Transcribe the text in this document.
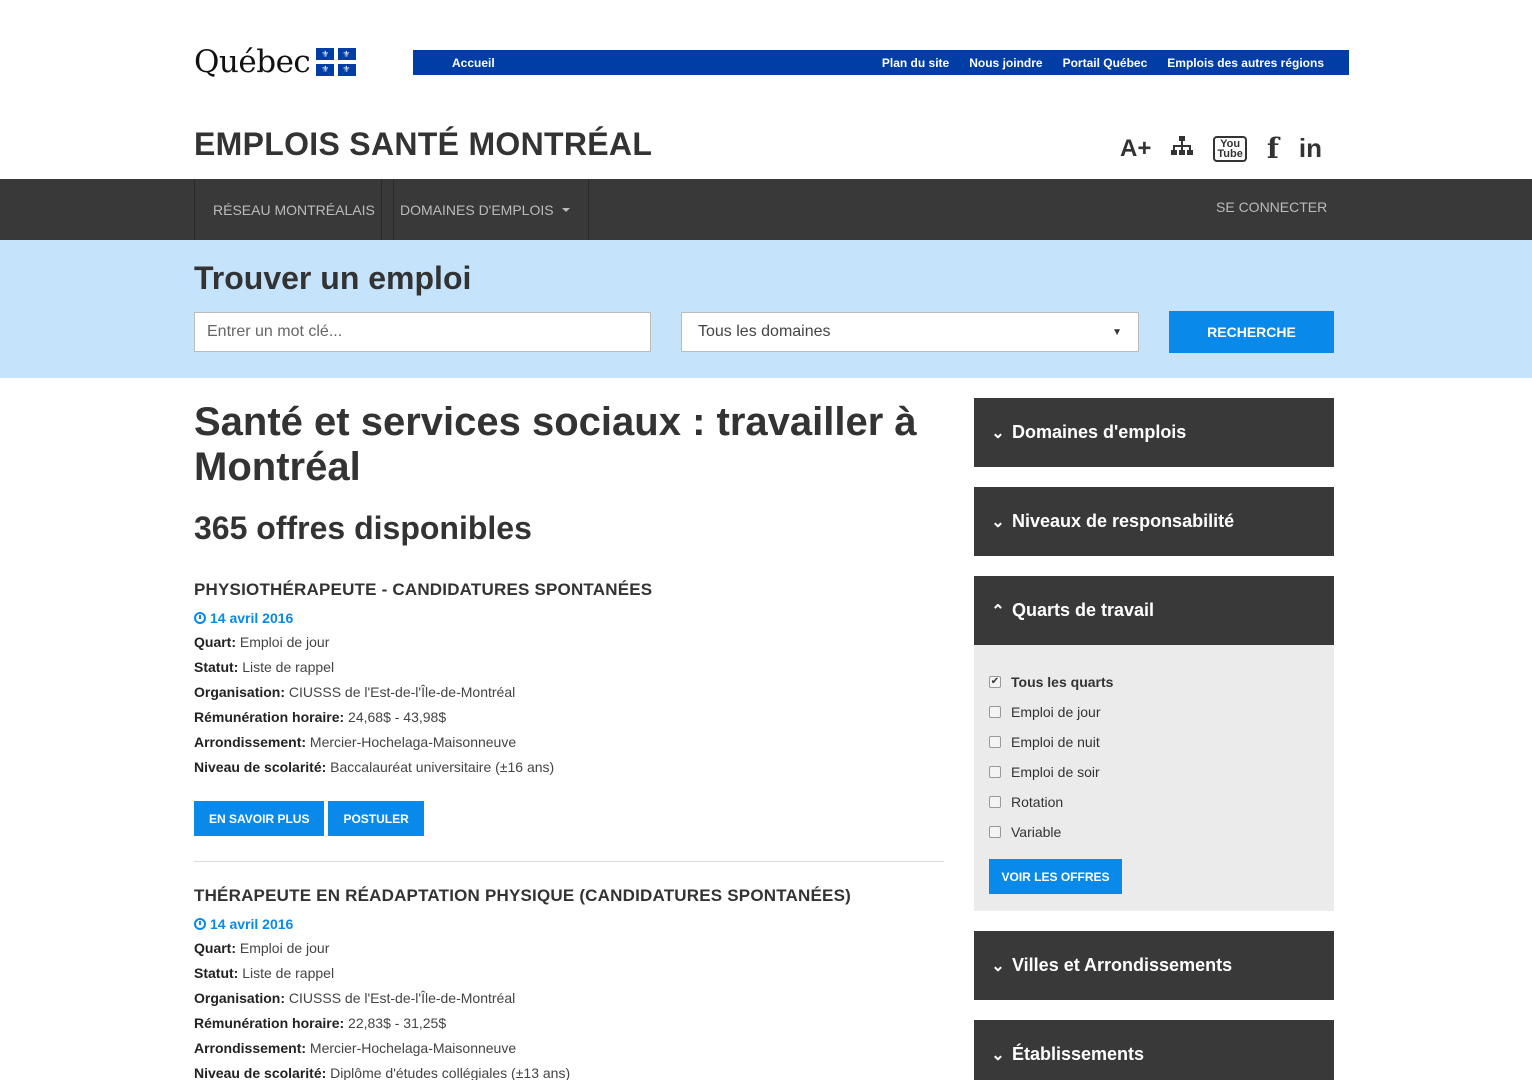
Québec ⚜ ⚜
⚜ ⚜	Accueil	Plan du site Nous joindre Portail Québec Emplois des autres régions
EMPLOIS SANTÉ MONTRÉAL	A+	You
Tube f in
RÉSEAU MONTRÉALAIS DOMAINES D'EMPLOIS	SE CONNECTER
Trouver un emploi
Entrer un mot clé...
Tous les domaines	▼	RECHERCHE
Santé et services sociaux : travailler à Montréal
365 offres disponibles
PHYSIOTHÉRAPEUTE - CANDIDATURES SPONTANÉES
14 avril 2016
Quart: Emploi de jour
Statut: Liste de rappel
Organisation: CIUSSS de l'Est-de-l'Île-de-Montréal
Rémunération horaire: 24,68$ - 43,98$
Arrondissement: Mercier-Hochelaga-Maisonneuve
Niveau de scolarité: Baccalauréat universitaire (±16 ans)
EN SAVOIR PLUS	POSTULER
THÉRAPEUTE EN RÉADAPTATION PHYSIQUE (CANDIDATURES SPONTANÉES)
14 avril 2016
Quart: Emploi de jour
Statut: Liste de rappel
Organisation: CIUSSS de l'Est-de-l'Île-de-Montréal
Rémunération horaire: 22,83$ - 31,25$
Arrondissement: Mercier-Hochelaga-Maisonneuve
Niveau de scolarité: Diplôme d'études collégiales (±13 ans)
⌄ Domaines d'emplois
⌄ Niveaux de responsabilité
⌃ Quarts de travail
✔ Tous les quarts
Emploi de jour
Emploi de nuit
Emploi de soir
Rotation
Variable
VOIR LES OFFRES
⌄ Villes et Arrondissements
⌄ Établissements
